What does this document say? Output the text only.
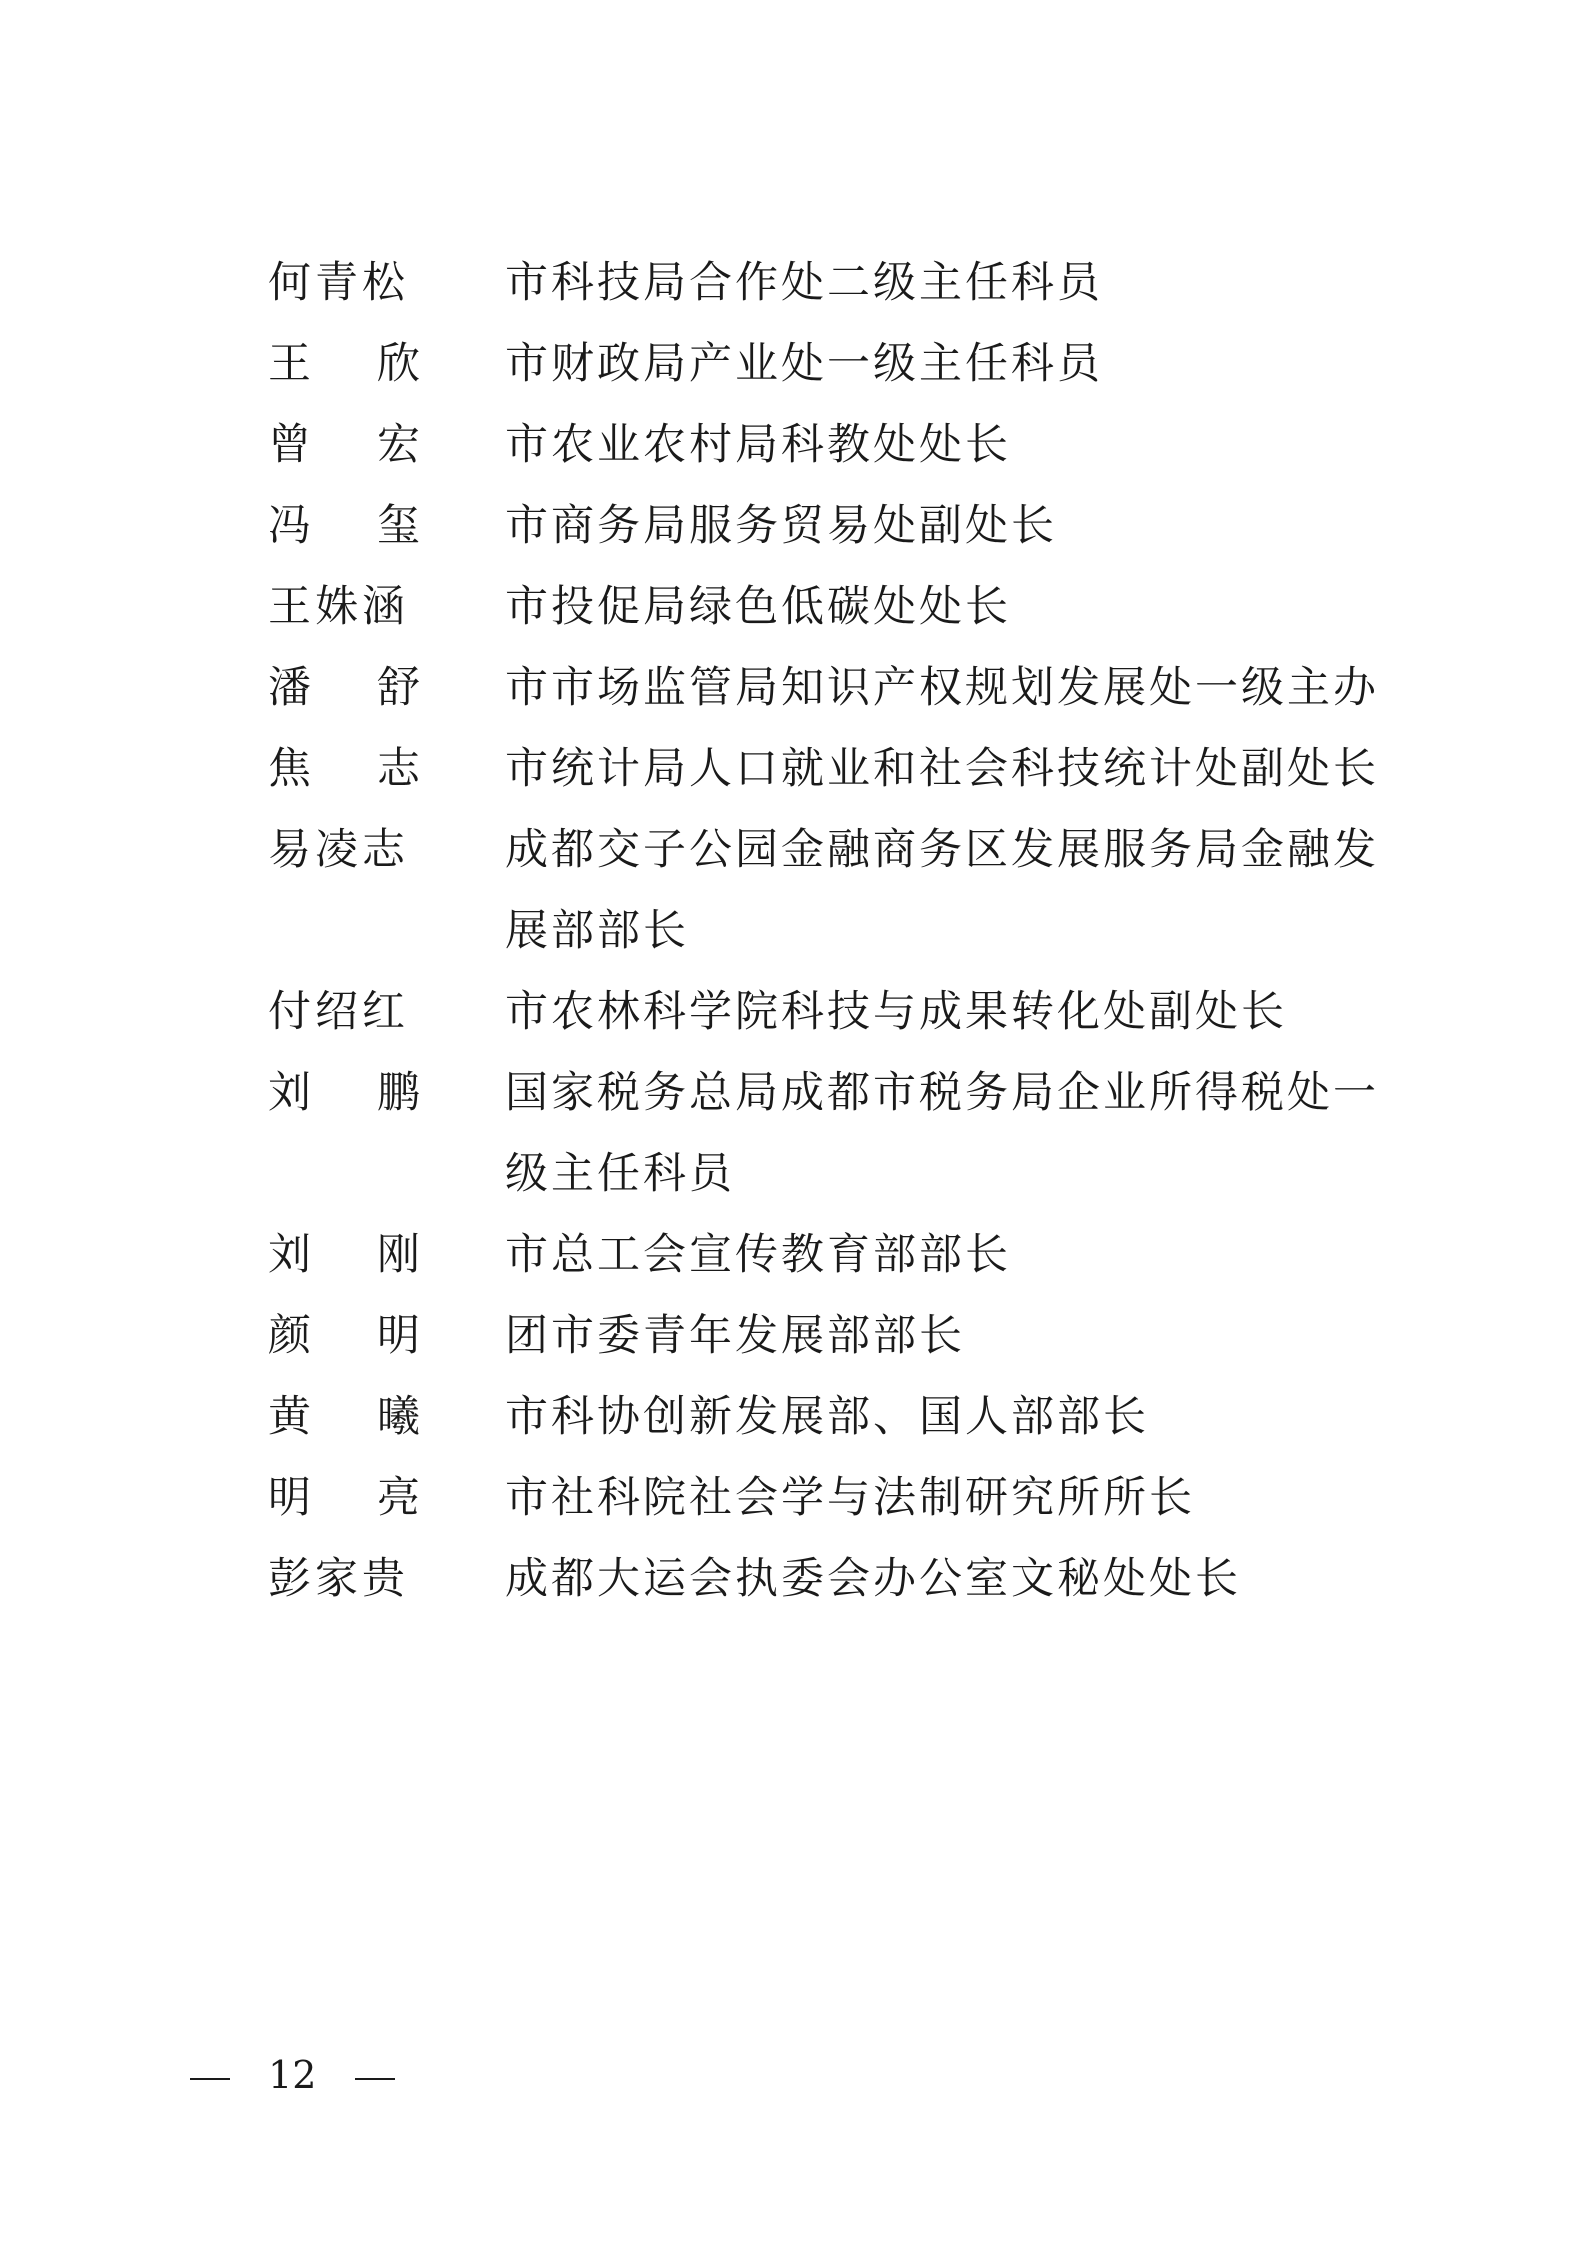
何青松 市科技局合作处二级主任科员
王 欣 市财政局产业处一级主任科员
曾 宏 市农业农村局科教处处长
冯 玺 市商务局服务贸易处副处长
王姝涵 市投促局绿色低碳处处长
潘 舒 市市场监管局知识产权规划发展处一级主办
焦 志 市统计局人口就业和社会科技统计处副处长
易凌志 成都交子公园金融商务区发展服务局金融发展部部长
付绍红 市农林科学院科技与成果转化处副处长
刘 鹏 国家税务总局成都市税务局企业所得税处一级主任科员
刘 刚 市总工会宣传教育部部长
颜 明 团市委青年发展部部长
黄 曦 市科协创新发展部、国人部部长
明 亮 市社科院社会学与法制研究所所长
彭家贵 成都大运会执委会办公室文秘处处长
12
